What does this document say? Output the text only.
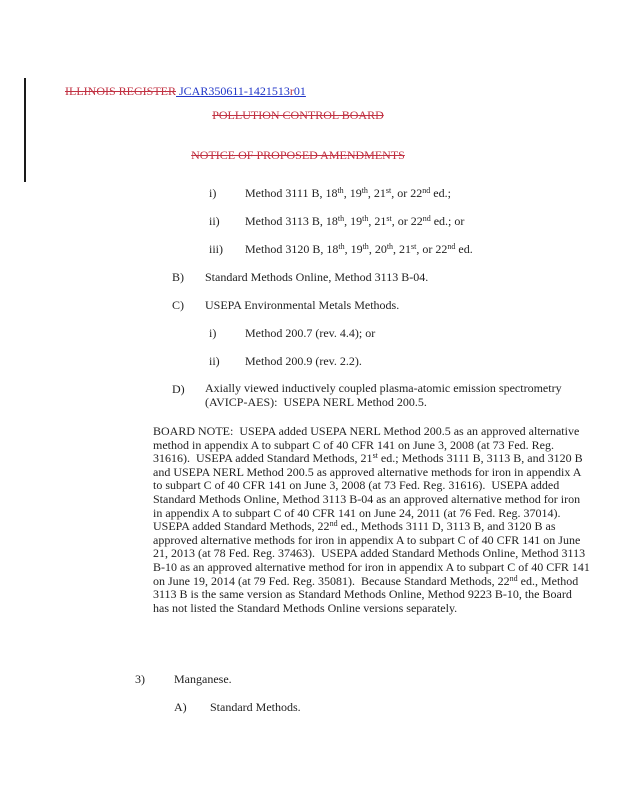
ILLINOIS REGISTER JCAR350611-1421513r01
POLLUTION CONTROL BOARD
NOTICE OF PROPOSED AMENDMENTS
i)	Method 3111 B, 18th, 19th, 21st, or 22nd ed.;
ii)	Method 3113 B, 18th, 19th, 21st, or 22nd ed.; or
iii)	Method 3120 B, 18th, 19th, 20th, 21st, or 22nd ed.
B)	Standard Methods Online, Method 3113 B-04.
C)	USEPA Environmental Metals Methods.
i)	Method 200.7 (rev. 4.4); or
ii)	Method 200.9 (rev. 2.2).
D)	Axially viewed inductively coupled plasma-atomic emission spectrometry (AVICP-AES):  USEPA NERL Method 200.5.
BOARD NOTE:  USEPA added USEPA NERL Method 200.5 as an approved alternative method in appendix A to subpart C of 40 CFR 141 on June 3, 2008 (at 73 Fed. Reg. 31616).  USEPA added Standard Methods, 21st ed.; Methods 3111 B, 3113 B, and 3120 B and USEPA NERL Method 200.5 as approved alternative methods for iron in appendix A to subpart C of 40 CFR 141 on June 3, 2008 (at 73 Fed. Reg. 31616).  USEPA added Standard Methods Online, Method 3113 B-04 as an approved alternative method for iron in appendix A to subpart C of 40 CFR 141 on June 24, 2011 (at 76 Fed. Reg. 37014).  USEPA added Standard Methods, 22nd ed., Methods 3111 D, 3113 B, and 3120 B as approved alternative methods for iron in appendix A to subpart C of 40 CFR 141 on June 21, 2013 (at 78 Fed. Reg. 37463).  USEPA added Standard Methods Online, Method 3113 B-10 as an approved alternative method for iron in appendix A to subpart C of 40 CFR 141 on June 19, 2014 (at 79 Fed. Reg. 35081).  Because Standard Methods, 22nd ed., Method 3113 B is the same version as Standard Methods Online, Method 9223 B-10, the Board has not listed the Standard Methods Online versions separately.
3)	Manganese.
A)	Standard Methods.
